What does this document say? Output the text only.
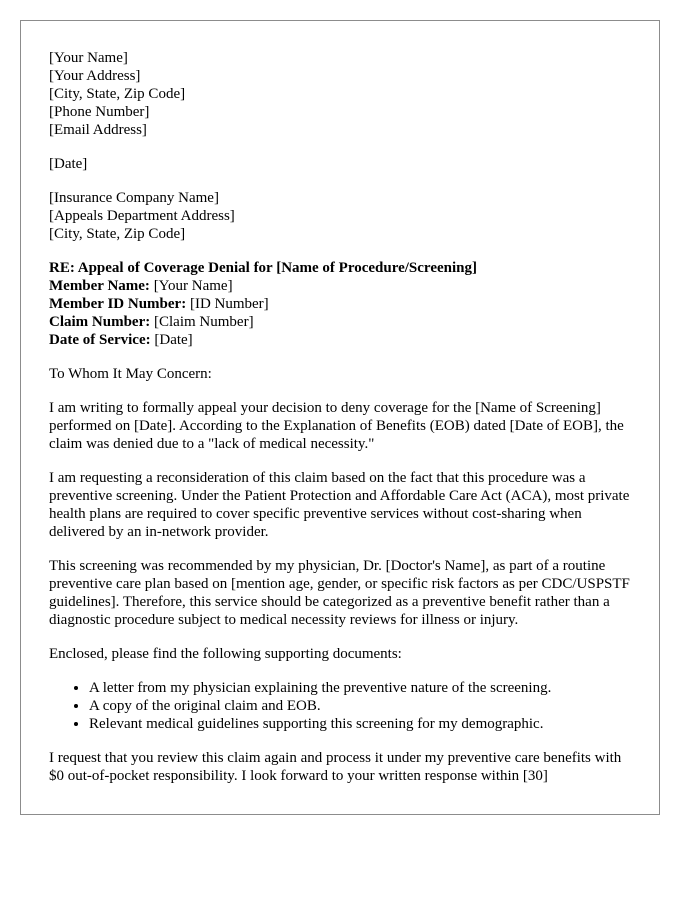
[Your Name]
[Your Address]
[City, State, Zip Code]
[Phone Number]
[Email Address]
[Date]
[Insurance Company Name]
[Appeals Department Address]
[City, State, Zip Code]
RE: Appeal of Coverage Denial for [Name of Procedure/Screening]
Member Name: [Your Name]
Member ID Number: [ID Number]
Claim Number: [Claim Number]
Date of Service: [Date]

To Whom It May Concern:

I am writing to formally appeal your decision to deny coverage for the [Name of Screening] performed on [Date]. According to the Explanation of Benefits (EOB) dated [Date of EOB], the claim was denied due to a "lack of medical necessity."

I am requesting a reconsideration of this claim based on the fact that this procedure was a preventive screening. Under the Patient Protection and Affordable Care Act (ACA), most private health plans are required to cover specific preventive services without cost-sharing when delivered by an in-network provider.

This screening was recommended by my physician, Dr. [Doctor's Name], as part of a routine preventive care plan based on [mention age, gender, or specific risk factors as per CDC/USPSTF guidelines]. Therefore, this service should be categorized as a preventive benefit rather than a diagnostic procedure subject to medical necessity reviews for illness or injury.

Enclosed, please find the following supporting documents:

• A letter from my physician explaining the preventive nature of the screening.
• A copy of the original claim and EOB.
• Relevant medical guidelines supporting this screening for my demographic.

I request that you review this claim again and process it under my preventive care benefits with $0 out-of-pocket responsibility. I look forward to your written response within [30]
